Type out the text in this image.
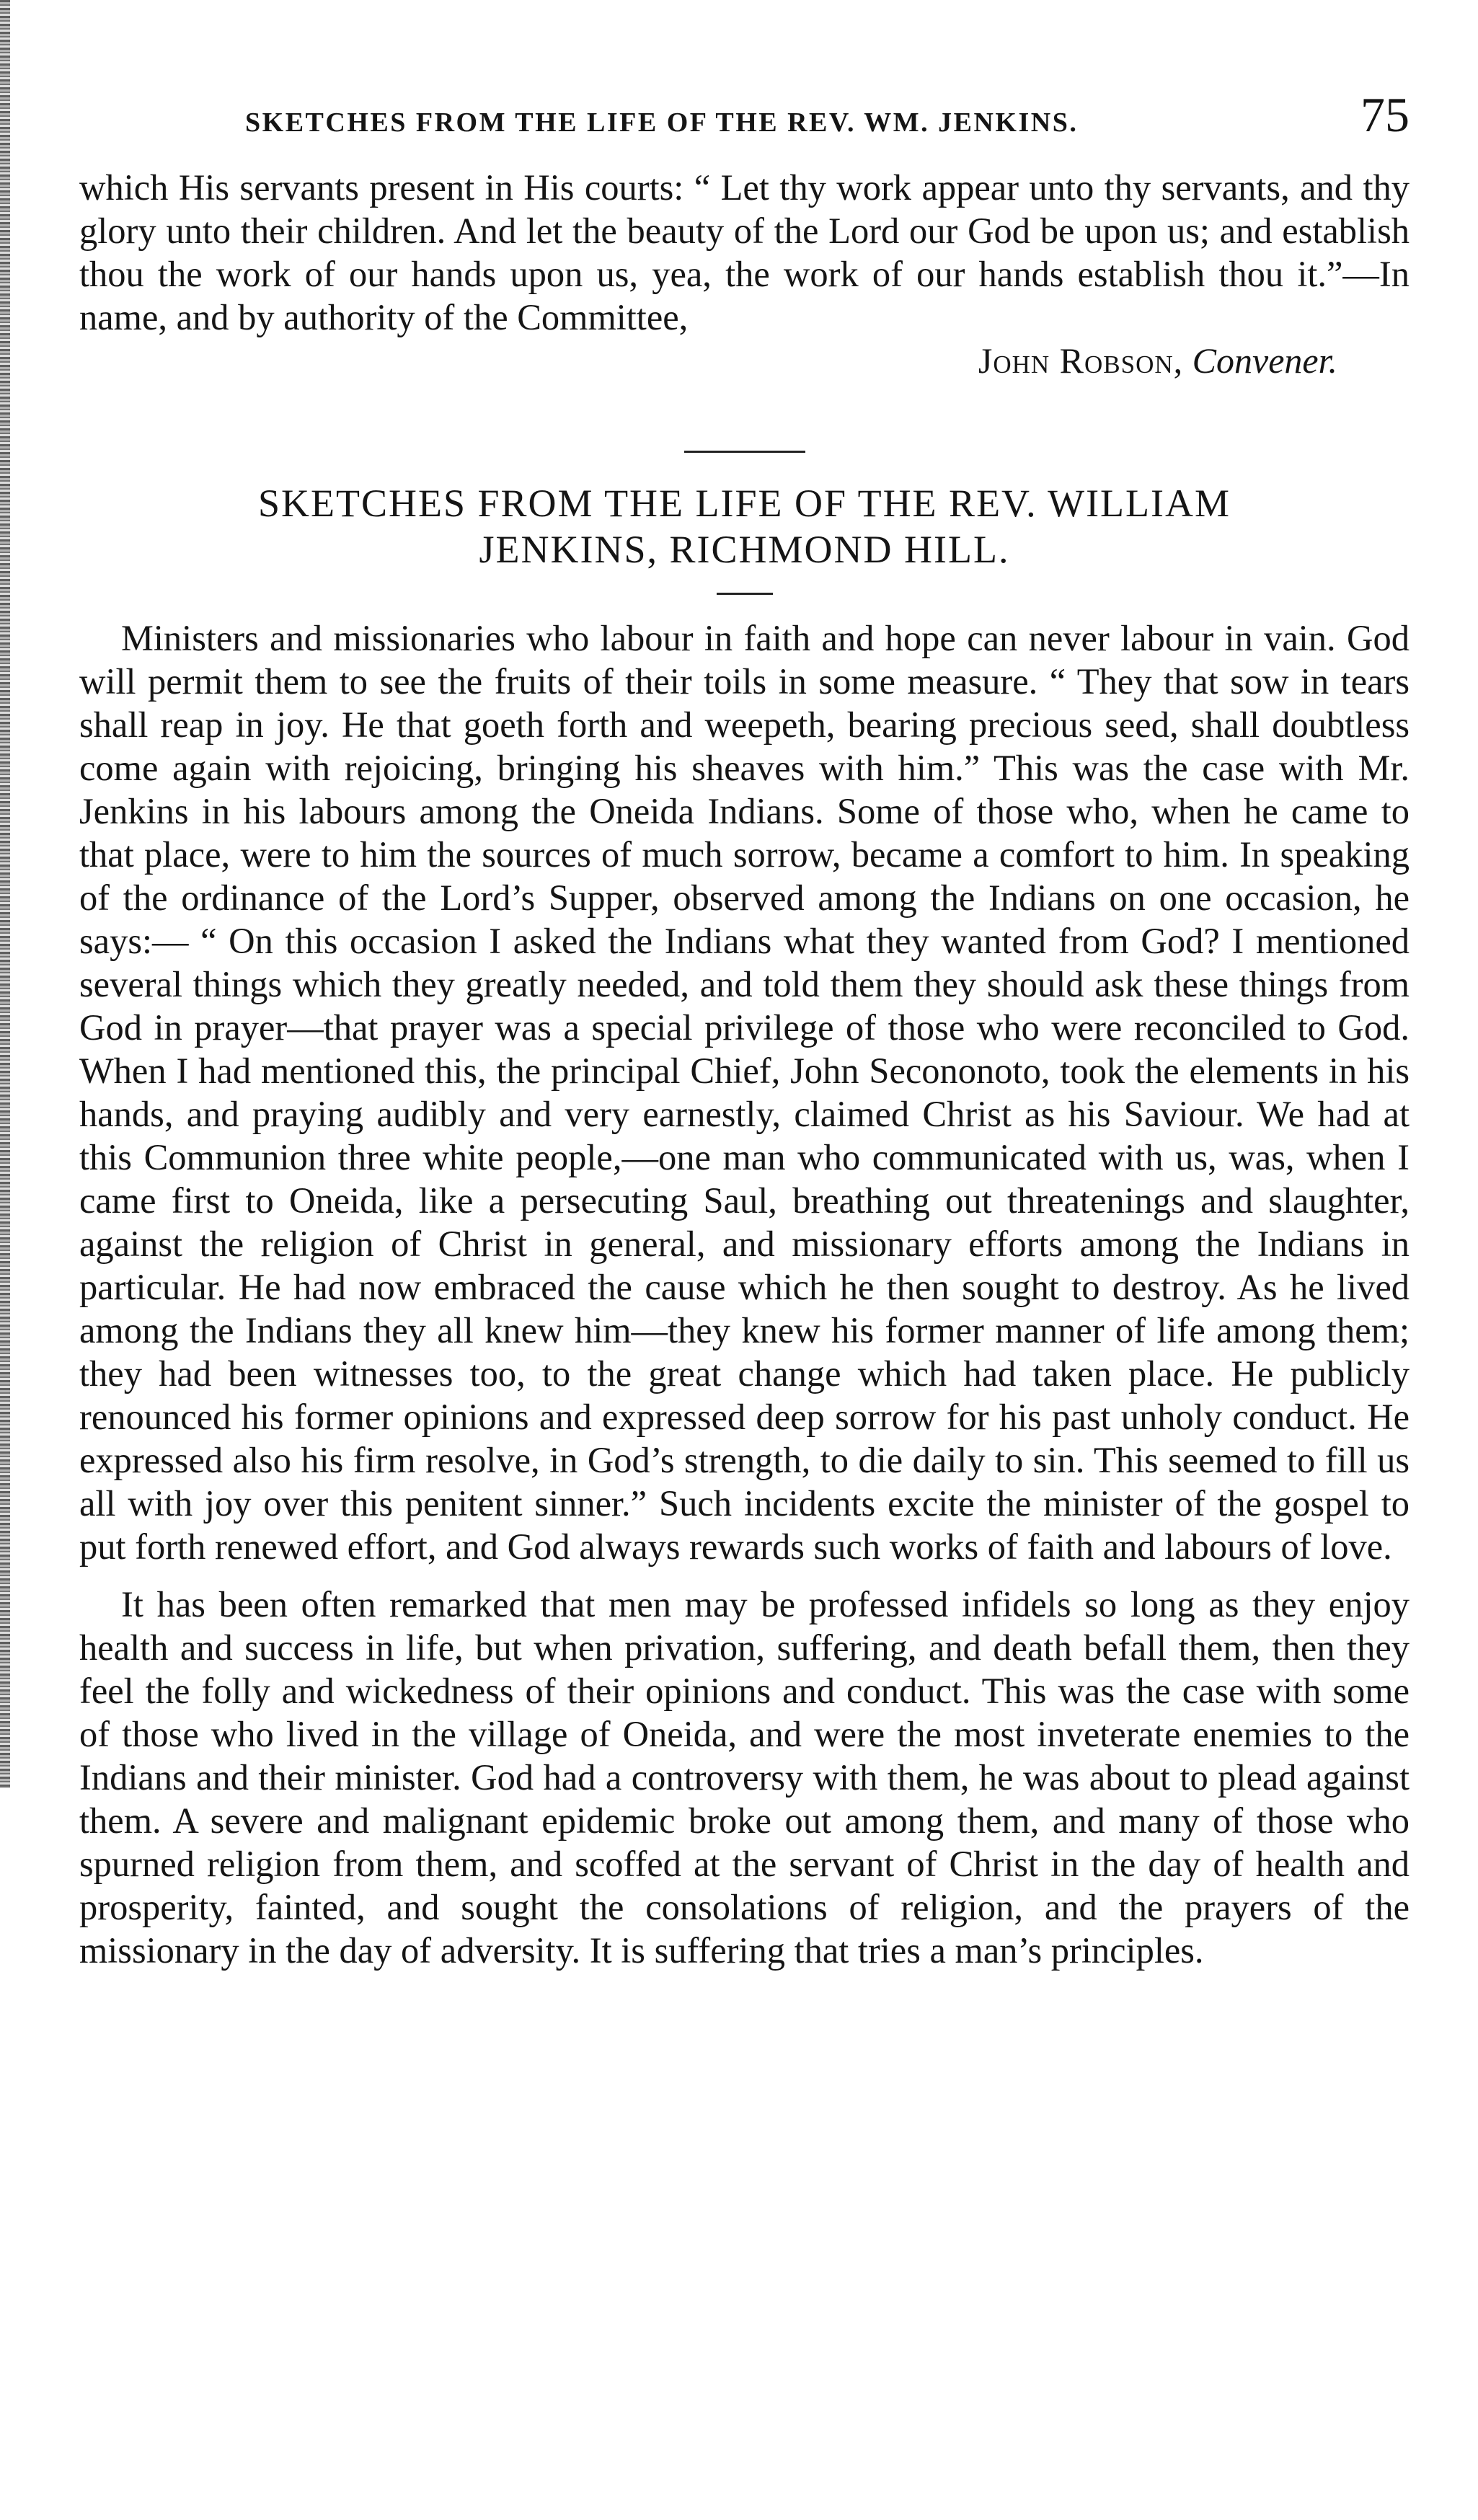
SKETCHES FROM THE LIFE OF THE REV. WM. JENKINS.	75

which His servants present in His courts: “ Let thy work appear unto thy servants, and thy glory unto their children. And let the beauty of the Lord our God be upon us; and establish thou the work of our hands upon us, yea, the work of our hands establish thou it.”—In name, and by authority of the Committee,

John Robson, Convener.
SKETCHES FROM THE LIFE OF THE REV. WILLIAM
JENKINS, RICHMOND HILL.

Ministers and missionaries who labour in faith and hope can never labour in vain. God will permit them to see the fruits of their toils in some measure. “ They that sow in tears shall reap in joy. He that goeth forth and weepeth, bearing precious seed, shall doubtless come again with rejoicing, bringing his sheaves with him.” This was the case with Mr. Jenkins in his labours among the Oneida Indians. Some of those who, when he came to that place, were to him the sources of much sorrow, became a comfort to him. In speaking of the ordinance of the Lord’s Supper, observed among the Indians on one occasion, he says:— “ On this occasion I asked the Indians what they wanted from God? I mentioned several things which they greatly needed, and told them they should ask these things from God in prayer—that prayer was a special privilege of those who were reconciled to God. When I had mentioned this, the principal Chief, John Secononoto, took the elements in his hands, and praying audibly and very earnestly, claimed Christ as his Saviour. We had at this Communion three white people,—one man who communicated with us, was, when I came first to Oneida, like a persecuting Saul, breathing out threatenings and slaughter, against the religion of Christ in general, and missionary efforts among the Indians in particular. He had now embraced the cause which he then sought to destroy. As he lived among the Indians they all knew him—they knew his former manner of life among them; they had been witnesses too, to the great change which had taken place. He publicly renounced his former opinions and expressed deep sorrow for his past unholy conduct. He expressed also his firm resolve, in God’s strength, to die daily to sin. This seemed to fill us all with joy over this penitent sinner.” Such incidents excite the minister of the gospel to put forth renewed effort, and God always rewards such works of faith and labours of love.

It has been often remarked that men may be professed infidels so long as they enjoy health and success in life, but when privation, suffering, and death befall them, then they feel the folly and wickedness of their opinions and conduct. This was the case with some of those who lived in the village of Oneida, and were the most inveterate enemies to the Indians and their minister. God had a controversy with them, he was about to plead against them. A severe and malignant epidemic broke out among them, and many of those who spurned religion from them, and scoffed at the servant of Christ in the day of health and prosperity, fainted, and sought the consolations of religion, and the prayers of the missionary in the day of adversity. It is suffering that tries a man’s principles.
